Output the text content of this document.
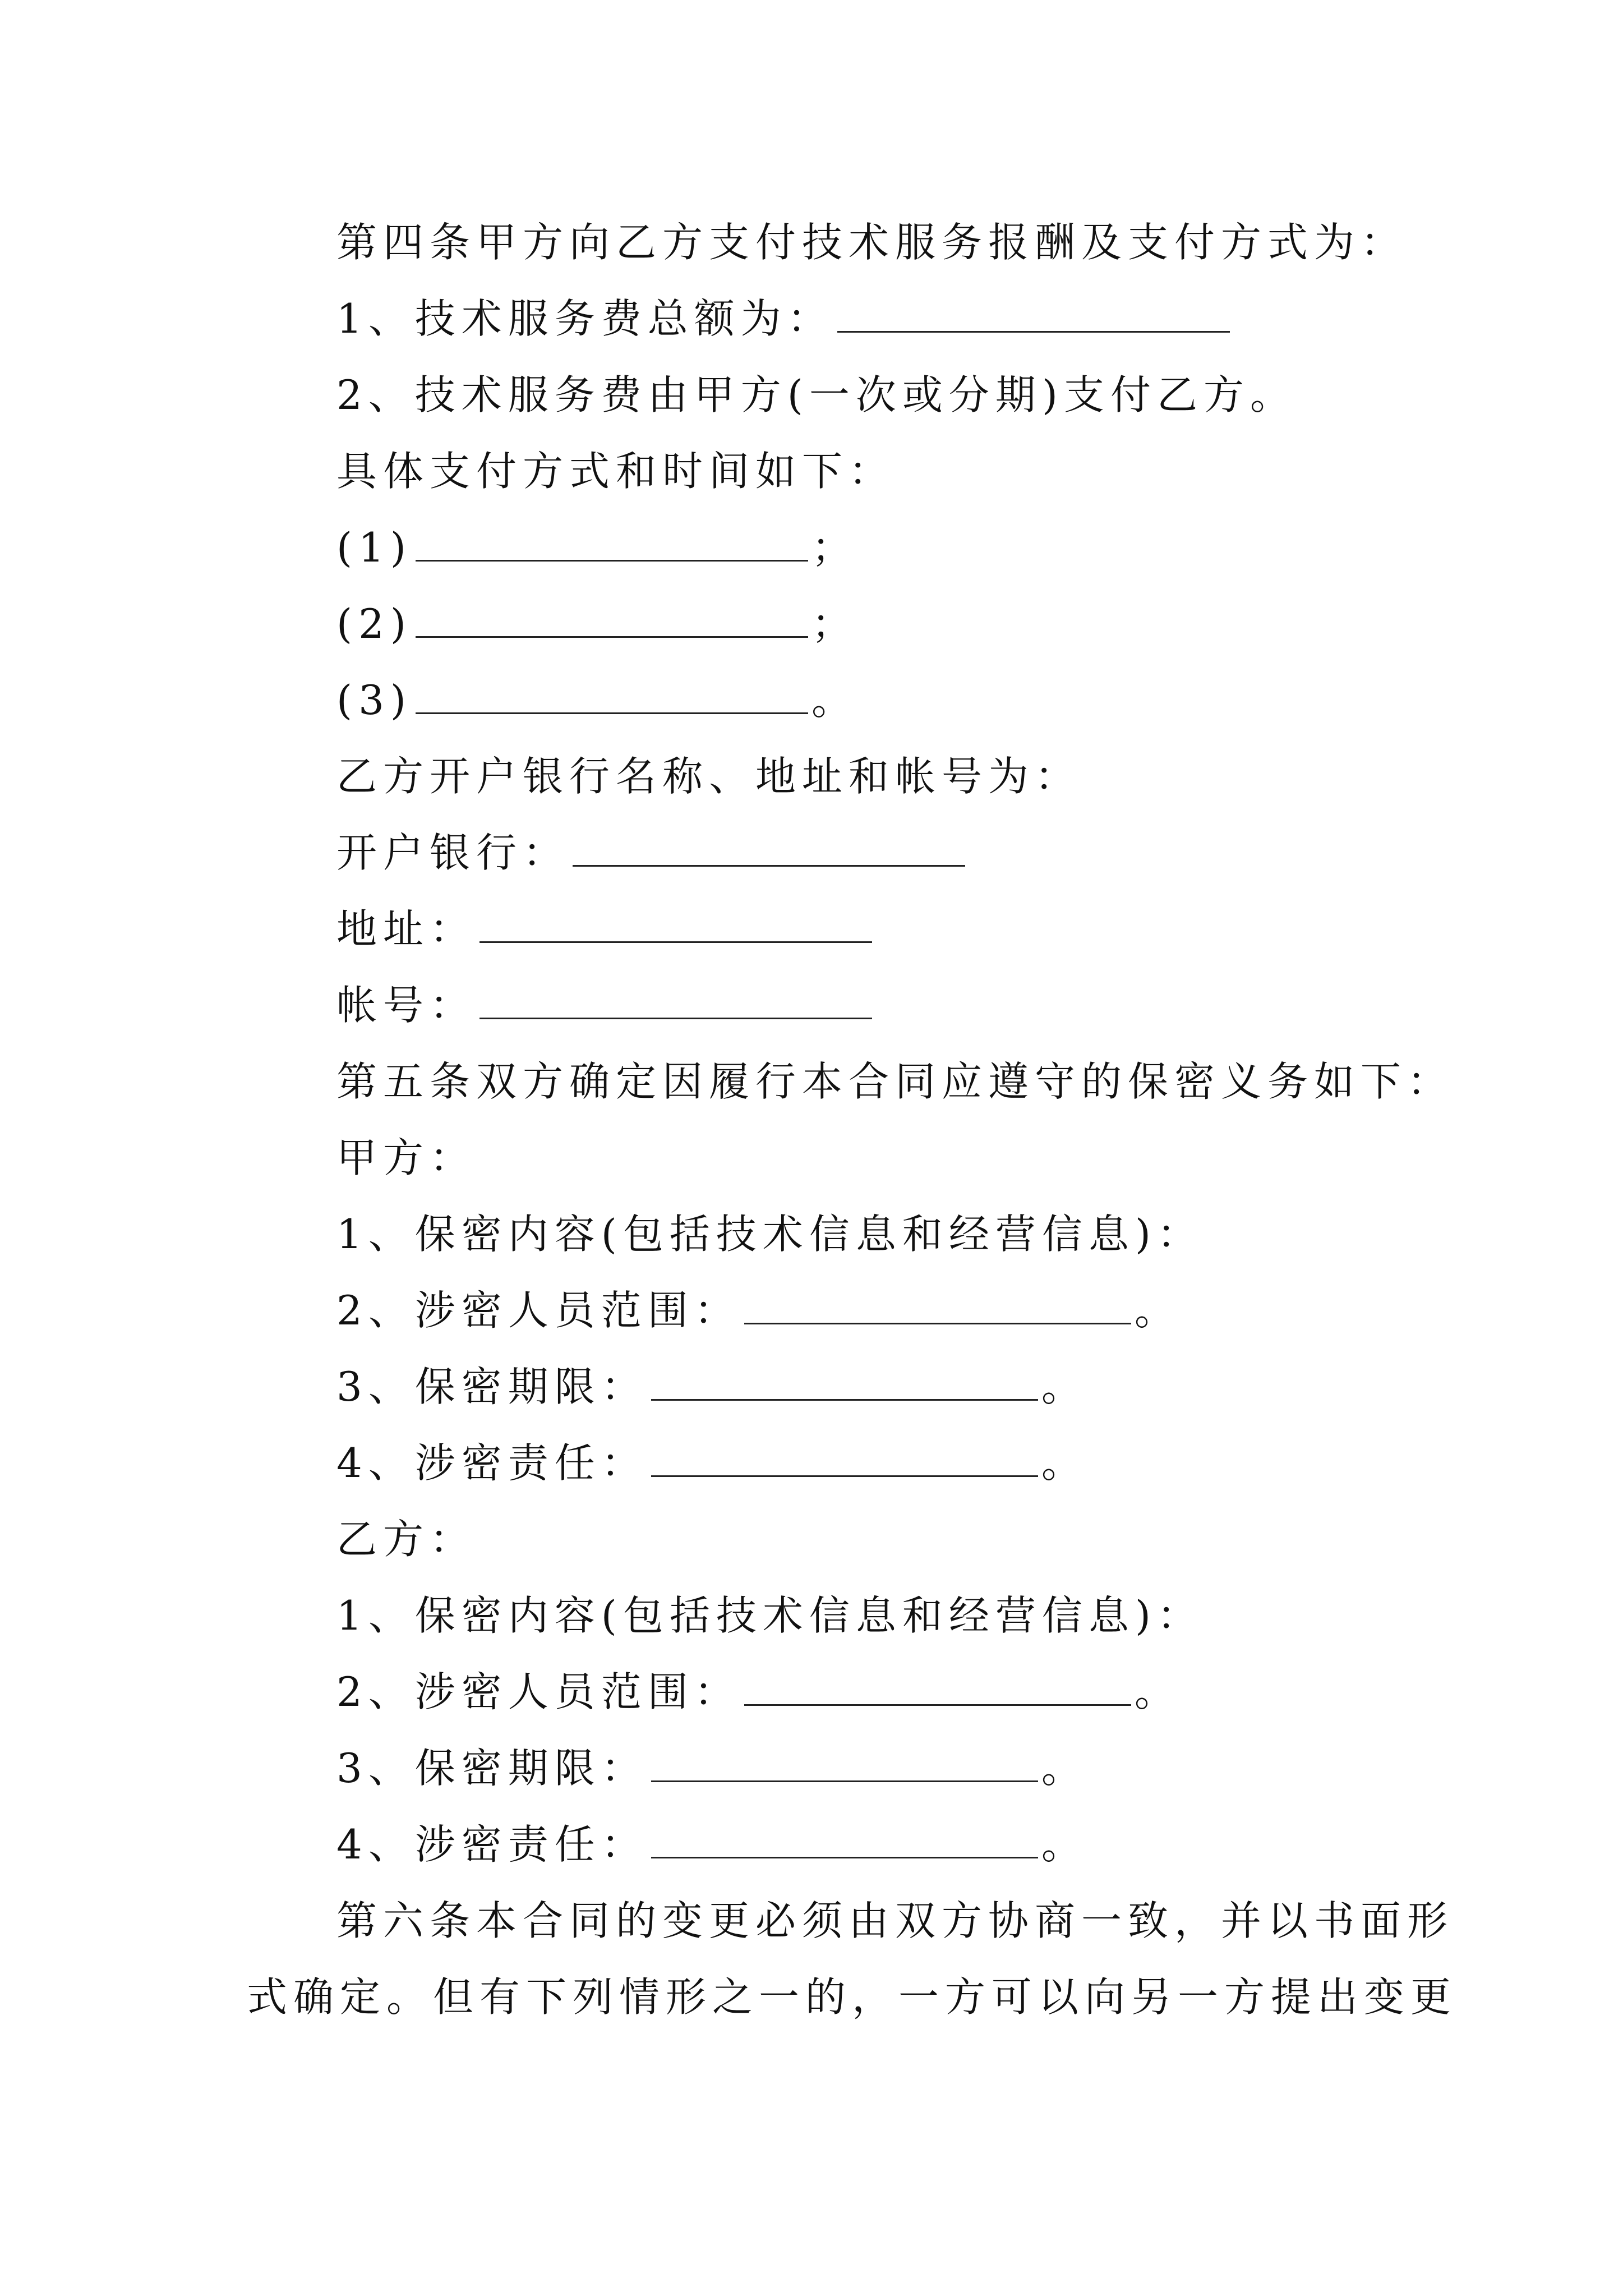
第四条甲方向乙方支付技术服务报酬及支付方式为：
1、技术服务费总额为：
2、技术服务费由甲方(一次或分期)支付乙方。
具体支付方式和时间如下：
(1)	；
(2)	；
(3)	。
乙方开户银行名称、地址和帐号为：
开户银行：
地址：
帐号：
第五条双方确定因履行本合同应遵守的保密义务如下：
甲方：
1、保密内容(包括技术信息和经营信息)：
2、涉密人员范围：	。
3、保密期限：	。
4、涉密责任：	。
乙方：
1、保密内容(包括技术信息和经营信息)：
2、涉密人员范围：	。
3、保密期限：	。
4、涉密责任：	。
第六条本合同的变更必须由双方协商一致，并以书面形
式确定。但有下列情形之一的，一方可以向另一方提出变更
